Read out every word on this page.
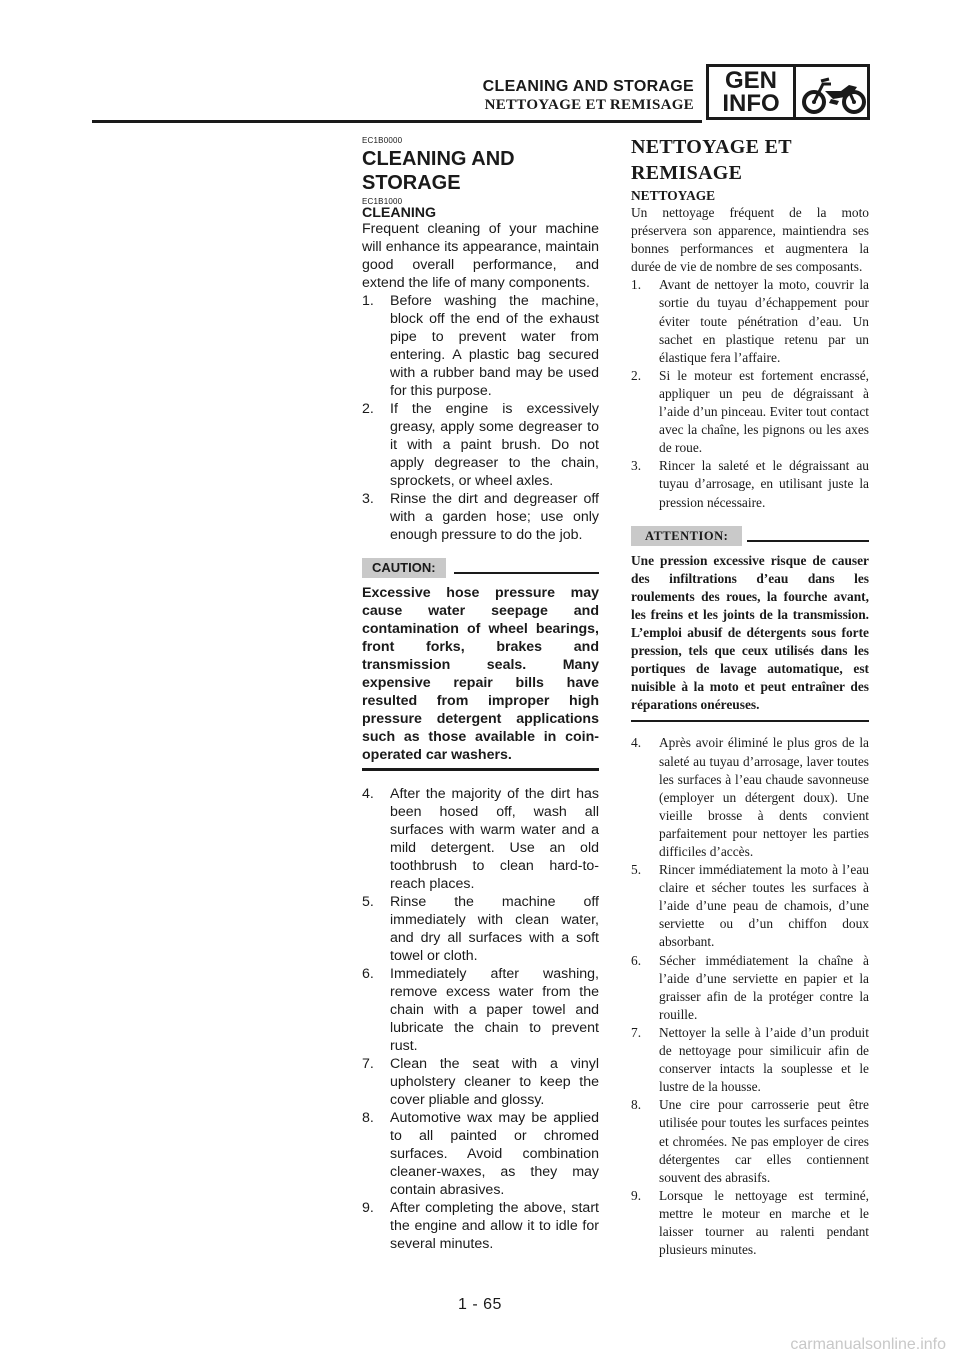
CLEANING AND STORAGE
NETTOYAGE ET REMISAGE
GEN
INFO
EC1B0000
CLEANING AND STORAGE
EC1B1000
CLEANING

Frequent cleaning of your machine will enhance its appearance, maintain good overall performance, and extend the life of many components.

1. Before washing the machine, block off the end of the exhaust pipe to prevent water from entering. A plastic bag secured with a rubber band may be used for this purpose.
2. If the engine is excessively greasy, apply some degreaser to it with a paint brush. Do not apply degreaser to the chain, sprockets, or wheel axles.
3. Rinse the dirt and degreaser off with a garden hose; use only enough pressure to do the job.
CAUTION:
Excessive hose pressure may cause water seepage and contamination of wheel bearings, front forks, brakes and transmission seals. Many expensive repair bills have resulted from improper high pressure detergent applications such as those available in coin-operated car washers.
4. After the majority of the dirt has been hosed off, wash all surfaces with warm water and a mild detergent. Use an old toothbrush to clean hard-to-reach places.
5. Rinse the machine off immediately with clean water, and dry all surfaces with a soft towel or cloth.
6. Immediately after washing, remove excess water from the chain with a paper towel and lubricate the chain to prevent rust.
7. Clean the seat with a vinyl upholstery cleaner to keep the cover pliable and glossy.
8. Automotive wax may be applied to all painted or chromed surfaces. Avoid combination cleaner-waxes, as they may contain abrasives.
9. After completing the above, start the engine and allow it to idle for several minutes.
NETTOYAGE ET REMISAGE
NETTOYAGE

Un nettoyage fréquent de la moto préservera son apparence, maintiendra ses bonnes performances et augmentera la durée de vie de nombre de ses composants.

1. Avant de nettoyer la moto, couvrir la sortie du tuyau d’échappement pour éviter toute pénétration d’eau. Un sachet en plastique retenu par un élastique fera l’affaire.
2. Si le moteur est fortement encrassé, appliquer un peu de dégraissant à l’aide d’un pinceau. Eviter tout contact avec la chaîne, les pignons ou les axes de roue.
3. Rincer la saleté et le dégraissant au tuyau d’arrosage, en utilisant juste la pression nécessaire.
ATTENTION:
Une pression excessive risque de causer des infiltrations d’eau dans les roulements des roues, la fourche avant, les freins et les joints de la transmission. L’emploi abusif de détergents sous forte pression, tels que ceux utilisés dans les portiques de lavage automatique, est nuisible à la moto et peut entraîner des réparations onéreuses.
4. Après avoir éliminé le plus gros de la saleté au tuyau d’arrosage, laver toutes les surfaces à l’eau chaude savonneuse (employer un détergent doux). Une vieille brosse à dents convient parfaitement pour nettoyer les parties difficiles d’accès.
5. Rincer immédiatement la moto à l’eau claire et sécher toutes les surfaces à l’aide d’une peau de chamois, d’une serviette ou d’un chiffon doux absorbant.
6. Sécher immédiatement la chaîne à l’aide d’une serviette en papier et la graisser afin de la protéger contre la rouille.
7. Nettoyer la selle à l’aide d’un produit de nettoyage pour similicuir afin de conserver intacts la souplesse et le lustre de la housse.
8. Une cire pour carrosserie peut être utilisée pour toutes les surfaces peintes et chromées. Ne pas employer de cires détergentes car elles contiennent souvent des abrasifs.
9. Lorsque le nettoyage est terminé, mettre le moteur en marche et le laisser tourner au ralenti pendant plusieurs minutes.
1 - 65
carmanualsonline.info
